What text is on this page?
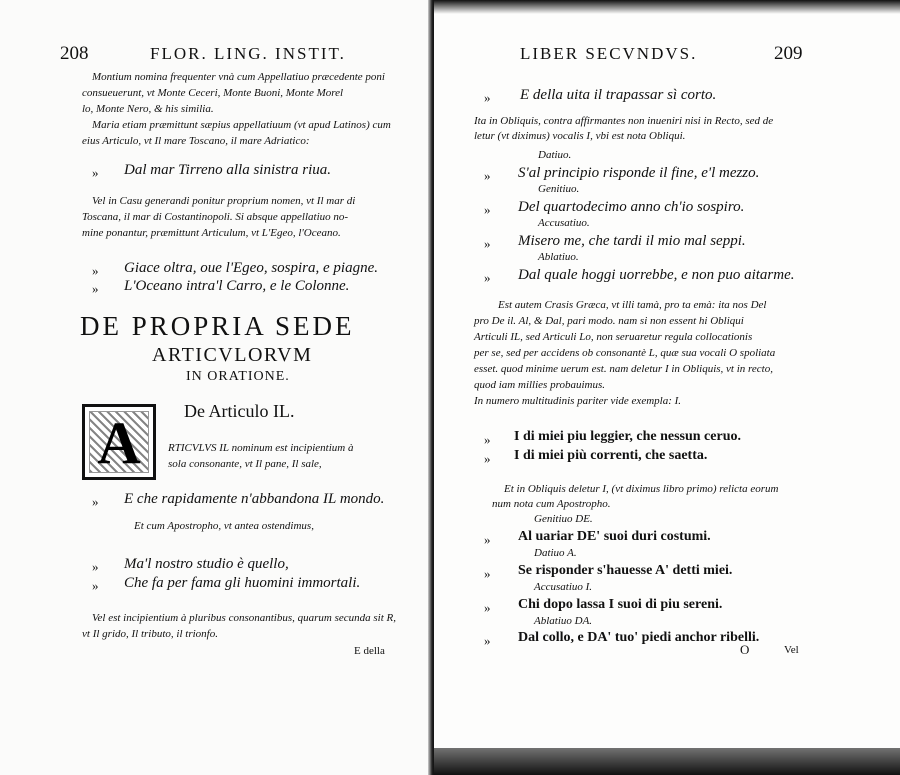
208	FLOR. LING. INSTIT.
Montium nomina frequenter vnà cum Appellatiuo præcedente poni
consueuerunt, vt Monte Ceceri, Monte Buoni, Monte Morel
lo, Monte Nero, & his similia.
Maria etiam præmittunt sæpius appellatiuum (vt apud Latinos) cum
eius Articulo, vt Il mare Toscano, il mare Adriatico:
» Dal mar Tirreno alla sinistra riua.
Vel in Casu generandi ponitur proprium nomen, vt Il mar di
Toscana, il mar di Costantinopoli. Si absque appellatiuo no-
mine ponantur, præmittunt Articulum, vt L'Egeo, l'Oceano.
» Giace oltra, oue l'Egeo, sospira, e piagne.
» L'Oceano intra'l Carro, e le Colonne.
DE PROPRIA SEDE
ARTICVLORVM
IN ORATIONE.
A	De Articulo IL.
RTICVLVS IL nominum est incipientium à
sola consonante, vt Il pane, Il sale,
» E che rapidamente n'abbandona IL mondo.
Et cum Apostropho, vt antea ostendimus,
» Ma'l nostro studio è quello,
» Che fa per fama gli huomini immortali.
Vel est incipientium à pluribus consonantibus, quarum secunda sit R,
vt Il grido, Il tributo, il trionfo.
E della
LIBER SECVNDVS.	209
» E della uita il trapassar sì corto.
Ita in Obliquis, contra affirmantes non inueniri nisi in Recto, sed de
letur (vt diximus) vocalis I, vbi est nota Obliqui.
Datiuo.
» S'al principio risponde il fine, e'l mezzo.
Genitiuo.
» Del quartodecimo anno ch'io sospiro.
Accusatiuo.
» Misero me, che tardi il mio mal seppi.
Ablatiuo.
» Dal quale hoggi uorrebbe, e non puo aitarme.
Est autem Crasis Græca, vt illi tamà, pro ta emà: ita nos Del
pro De il. Al, & Dal, pari modo. nam si non essent hi Obliqui
Articuli IL, sed Articuli Lo, non seruaretur regula collocationis
per se, sed per accidens ob consonantè L, quæ sua vocali O spoliata
esset. quod minime uerum est. nam deletur I in Obliquis, vt in recto,
quod iam millies probauimus.
In numero multitudinis pariter vide exempla: I.
» I di miei piu leggier, che nessun ceruo.
» I di miei più correnti, che saetta.
Et in Obliquis deletur I, (vt diximus libro primo) relicta eorum
num nota cum Apostropho.
Genitiuo DE.
» Al uariar DE' suoi duri costumi.
Datiuo A.
» Se risponder s'hauesse A' detti miei.
Accusatiuo I.
» Chi dopo lassa I suoi di piu sereni.
Ablatiuo DA.
» Dal collo, e DA' tuo' piedi anchor ribelli.
O	Vel
